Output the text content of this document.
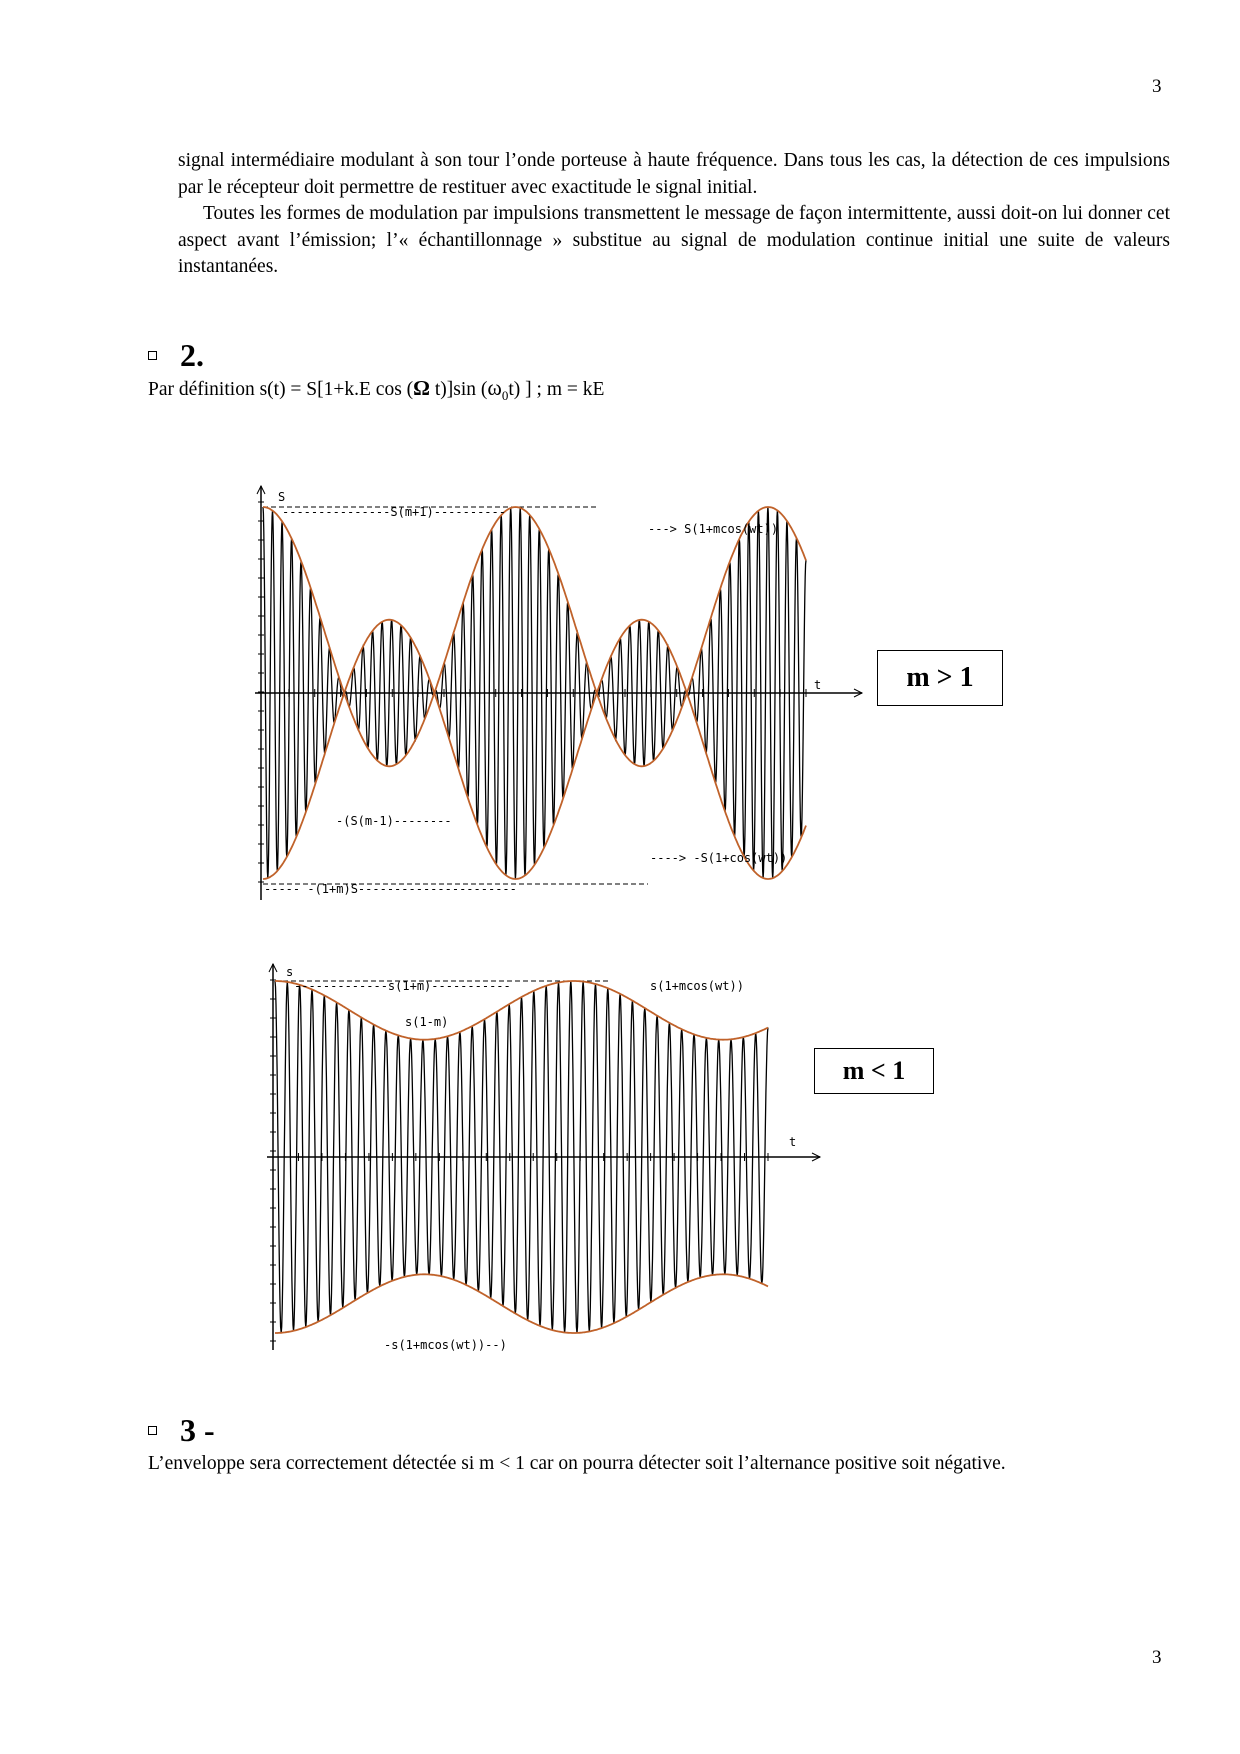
3
3

signal intermédiaire modulant à son tour l’onde porteuse à haute fréquence. Dans tous les cas, la détection de ces impulsions par le récepteur doit permettre de restituer avec exactitude le signal initial.

Toutes les formes de modulation par impulsions transmettent le message de façon intermittente, aussi doit-on lui donner cet aspect avant l’émission; l’« échantillonnage » substitue au signal de modulation continue initial une suite de valeurs instantanées.

2.
Par définition s(t) = S[1+k.E cos (Ω t)]sin $(\omega_0t)$ ] ; m = kE
S
t
---------------S(m+1)----------
---> S(1+mcos(wt))
-(S(m-1)--------
----> -S(1+cos(wt))
----- -(1+m)S----------------------
m > 1
s
t
-------------s(1+m)-----------	s(1+mcos(wt))
s(1-m)
-s(1+mcos(wt))--)
m < 1
3 -
L’enveloppe sera correctement détectée si m < 1 car on pourra détecter soit l’alternance positive soit négative.
